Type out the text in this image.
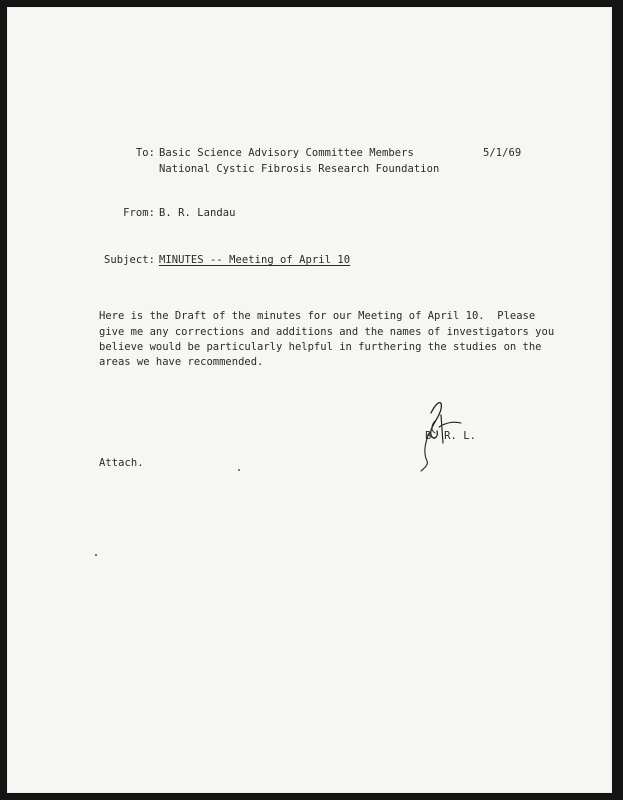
To: Basic Science Advisory Committee Members
National Cystic Fibrosis Research Foundation
5/1/69
From: B. R. Landau
Subject: MINUTES -- Meeting of April 10
Here is the Draft of the minutes for our Meeting of April 10.  Please
give me any corrections and additions and the names of investigators you
believe would be particularly helpful in furthering the studies on the
areas we have recommended.
B. R. L.
Attach.
